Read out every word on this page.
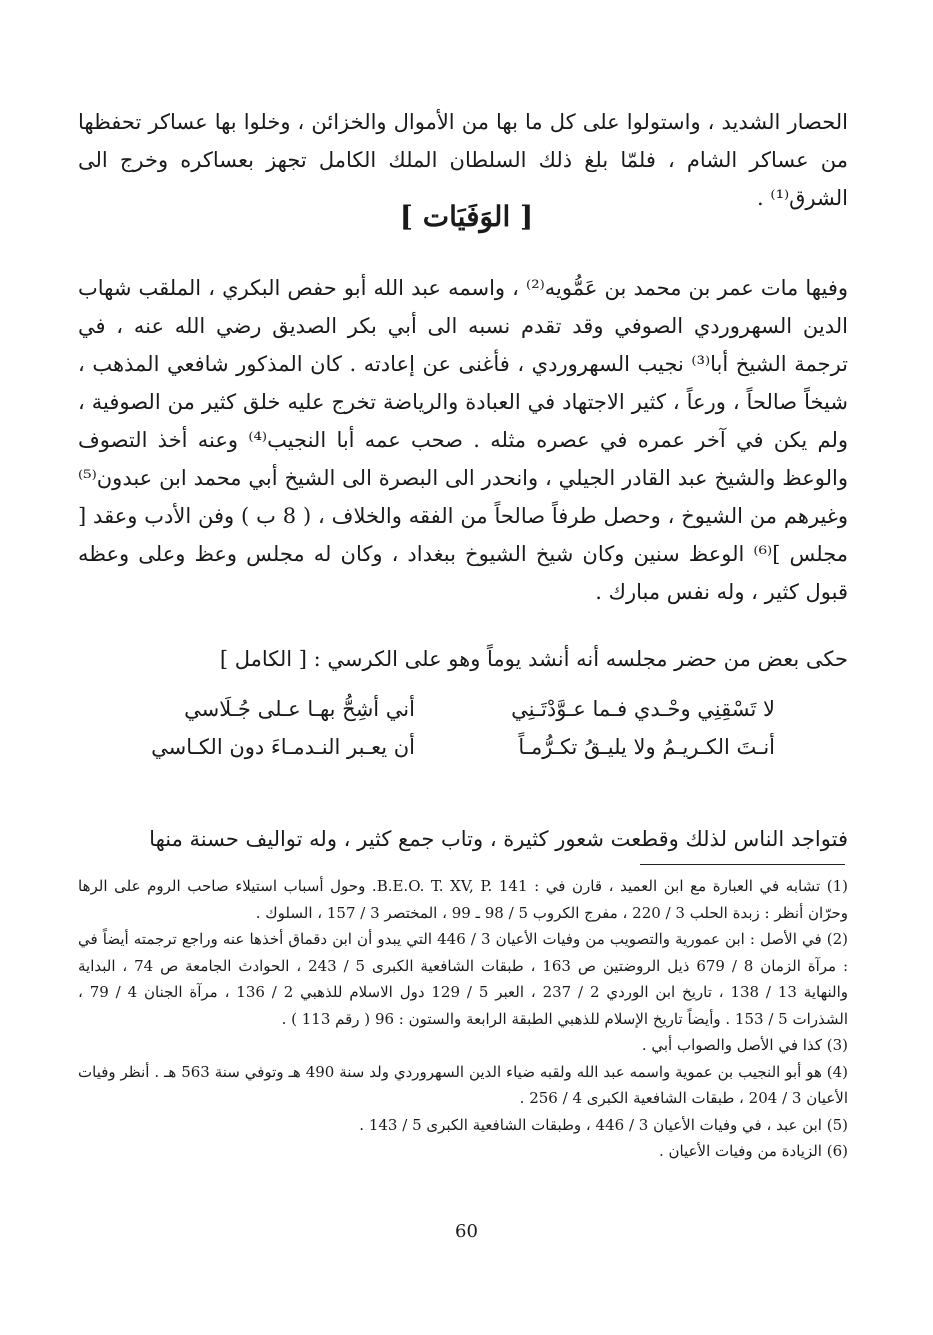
الحصار الشديد ، واستولوا على كل ما بها من الأموال والخزائن ، وخلوا بها عساكر تحفظها من عساكر الشام ، فلمّا بلغ ذلك السلطان الملك الكامل تجهز بعساكره وخرج الى الشرق⁽¹⁾ .
[ الوَفَيَات ]
وفيها مات عمر بن محمد بن عَمُّويه⁽²⁾ ، واسمه عبد الله أبو حفص البكري ، الملقب شهاب الدين السهروردي الصوفي وقد تقدم نسبه الى أبي بكر الصديق رضي الله عنه ، في ترجمة الشيخ أبا⁽³⁾ نجيب السهروردي ، فأغنى عن إعادته . كان المذكور شافعي المذهب ، شيخاً صالحاً ، ورعاً ، كثير الاجتهاد في العبادة والرياضة تخرج عليه خلق كثير من الصوفية ، ولم يكن في آخر عمره في عصره مثله . صحب عمه أبا النجيب⁽⁴⁾ وعنه أخذ التصوف والوعظ والشيخ عبد القادر الجيلي ، وانحدر الى البصرة الى الشيخ أبي محمد ابن عبدون⁽⁵⁾ وغيرهم من الشيوخ ، وحصل طرفاً صالحاً من الفقه والخلاف ، ( 8 ب ) وفن الأدب وعقد [ مجلس ]⁽⁶⁾ الوعظ سنين وكان شيخ الشيوخ ببغداد ، وكان له مجلس وعظ وعلى وعظه قبول كثير ، وله نفس مبارك .
حكى بعض من حضر مجلسه أنه أنشد يوماً وهو على الكرسي : [ الكامل ]
لا تَسْقِنِي وحْـدي فـما عـوَّدْتَـنِي
أني أشِحُّ بهـا عـلى جُـلَاسي
أنـتَ الكـريـمُ ولا يليـقُ تكـرُّمـاً
أن يعـبر النـدمـاءَ دون الكـاسي
فتواجد الناس لذلك وقطعت شعور كثيرة ، وتاب جمع كثير ، وله تواليف حسنة منها
(1) تشابه في العبارة مع ابن العميد ، قارن في : B.E.O. T. XV, P. 141. وحول أسباب استيلاء صاحب الروم على الرها وحرّان أنظر : زبدة الحلب 3 / 220 ، مفرج الكروب 5 / 98 ـ 99 ، المختصر 3 / 157 ، السلوك .
(2) في الأصل : ابن عمورية والتصويب من وفيات الأعيان 3 / 446 التي يبدو أن ابن دقماق أخذها عنه وراجع ترجمته أيضاً في : مرآة الزمان 8 / 679 ذيل الروضتين ص 163 ، طبقات الشافعية الكبرى 5 / 243 ، الحوادث الجامعة ص 74 ، البداية والنهاية 13 / 138 ، تاريخ ابن الوردي 2 / 237 ، العبر 5 / 129 دول الاسلام للذهبي 2 / 136 ، مرآة الجنان 4 / 79 ، الشذرات 5 / 153 . وأيضاً تاريخ الإسلام للذهبي الطبقة الرابعة والستون : 96 ( رقم 113 ) .
(3) كذا في الأصل والصواب أبي .
(4) هو أبو النجيب بن عموية واسمه عبد الله ولقبه ضياء الدين السهروردي ولد سنة 490 هـ وتوفي سنة 563 هـ . أنظر وفيات الأعيان 3 / 204 ، طبقات الشافعية الكبرى 4 / 256 .
(5) ابن عبد ، في وفيات الأعيان 3 / 446 ، وطبقات الشافعية الكبرى 5 / 143 .
(6) الزيادة من وفيات الأعيان .
60
